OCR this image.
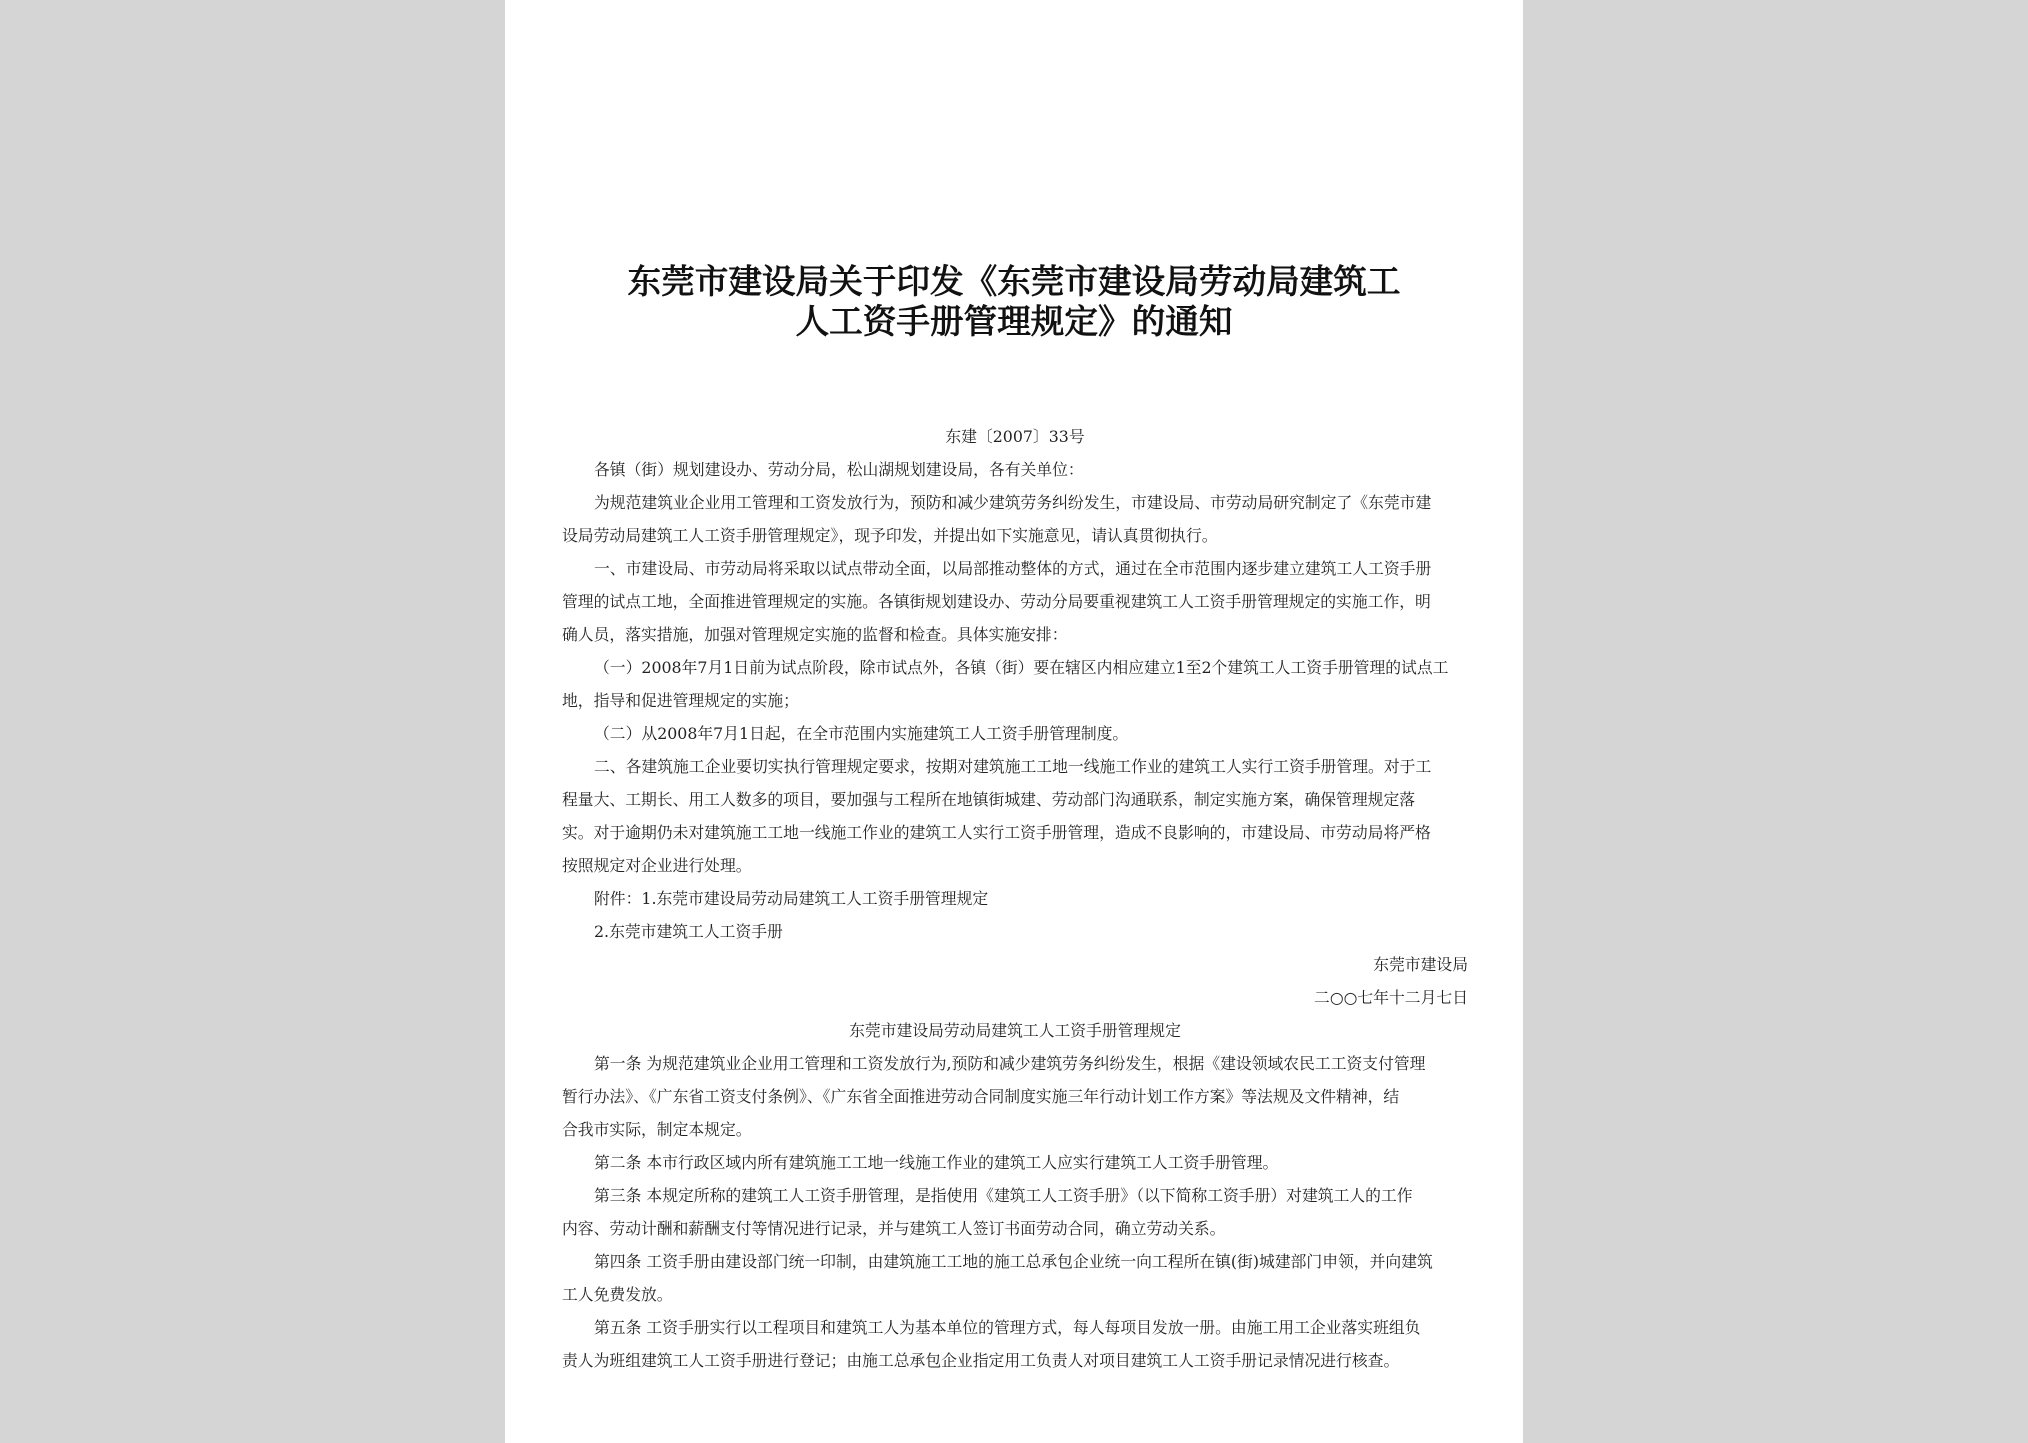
东莞市建设局关于印发《东莞市建设局劳动局建筑工
人工资手册管理规定》的通知

东建〔2007〕33号

各镇（街）规划建设办、劳动分局，松山湖规划建设局，各有关单位：

为规范建筑业企业用工管理和工资发放行为，预防和减少建筑劳务纠纷发生，市建设局、市劳动局研究制定了《东莞市建

设局劳动局建筑工人工资手册管理规定》，现予印发，并提出如下实施意见，请认真贯彻执行。

一、市建设局、市劳动局将采取以试点带动全面，以局部推动整体的方式，通过在全市范围内逐步建立建筑工人工资手册

管理的试点工地，全面推进管理规定的实施。各镇街规划建设办、劳动分局要重视建筑工人工资手册管理规定的实施工作，明

确人员，落实措施，加强对管理规定实施的监督和检查。具体实施安排：

（一）2008年7月1日前为试点阶段，除市试点外，各镇（街）要在辖区内相应建立1至2个建筑工人工资手册管理的试点工

地，指导和促进管理规定的实施；

（二）从2008年7月1日起，在全市范围内实施建筑工人工资手册管理制度。

二、各建筑施工企业要切实执行管理规定要求，按期对建筑施工工地一线施工作业的建筑工人实行工资手册管理。对于工

程量大、工期长、用工人数多的项目，要加强与工程所在地镇街城建、劳动部门沟通联系，制定实施方案，确保管理规定落

实。对于逾期仍未对建筑施工工地一线施工作业的建筑工人实行工资手册管理，造成不良影响的，市建设局、市劳动局将严格

按照规定对企业进行处理。

附件：1.东莞市建设局劳动局建筑工人工资手册管理规定

2.东莞市建筑工人工资手册

东莞市建设局

二○○七年十二月七日

东莞市建设局劳动局建筑工人工资手册管理规定

第一条 为规范建筑业企业用工管理和工资发放行为,预防和减少建筑劳务纠纷发生，根据《建设领域农民工工资支付管理

暂行办法》、《广东省工资支付条例》、《广东省全面推进劳动合同制度实施三年行动计划工作方案》等法规及文件精神，结

合我市实际，制定本规定。

第二条 本市行政区域内所有建筑施工工地一线施工作业的建筑工人应实行建筑工人工资手册管理。

第三条 本规定所称的建筑工人工资手册管理，是指使用《建筑工人工资手册》（以下简称工资手册）对建筑工人的工作

内容、劳动计酬和薪酬支付等情况进行记录，并与建筑工人签订书面劳动合同，确立劳动关系。

第四条 工资手册由建设部门统一印制，由建筑施工工地的施工总承包企业统一向工程所在镇(街)城建部门申领，并向建筑

工人免费发放。

第五条 工资手册实行以工程项目和建筑工人为基本单位的管理方式，每人每项目发放一册。由施工用工企业落实班组负

责人为班组建筑工人工资手册进行登记；由施工总承包企业指定用工负责人对项目建筑工人工资手册记录情况进行核查。
